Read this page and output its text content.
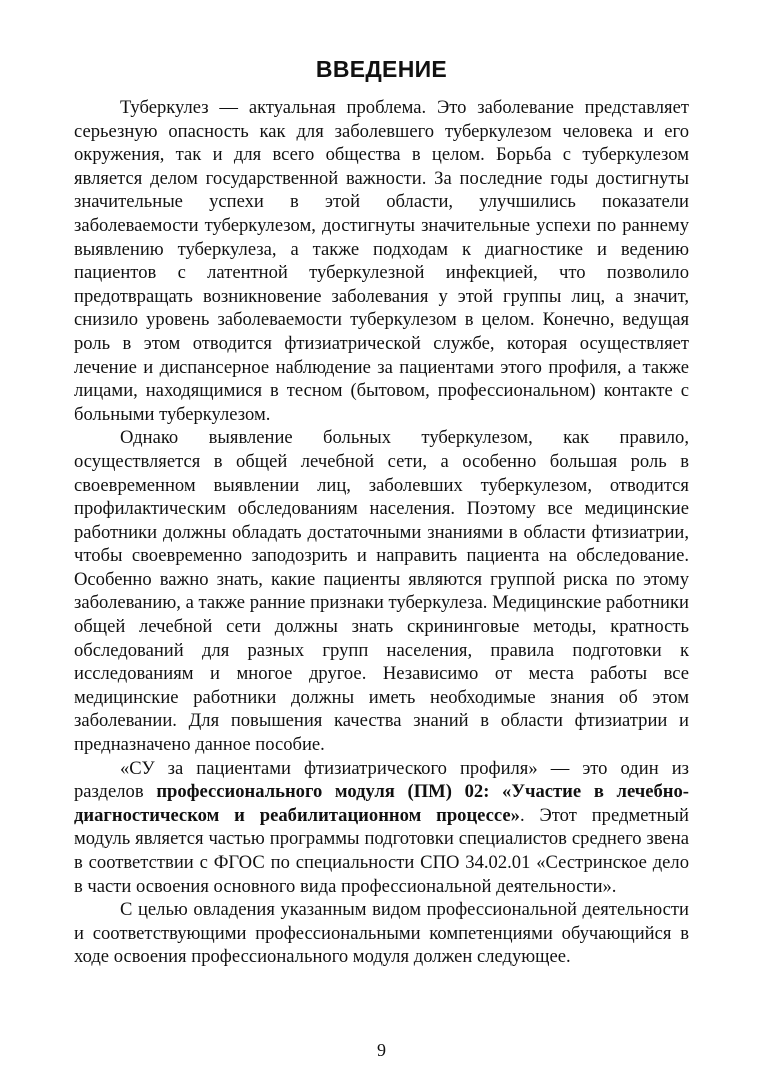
ВВЕДЕНИЕ

Туберкулез — актуальная проблема. Это заболевание представляет серьезную опасность как для заболевшего туберкулезом человека и его окружения, так и для всего общества в целом. Борьба с туберкулезом является делом государственной важности. За последние годы достигнуты значительные успехи в этой области, улучшились показатели заболеваемости туберкулезом, достигнуты значительные успехи по раннему выявлению туберкулеза, а также подходам к диагностике и ведению пациентов с латентной туберкулезной инфекцией, что позволило предотвращать возникновение заболевания у этой группы лиц, а значит, снизило уровень заболеваемости туберкулезом в целом. Конечно, ведущая роль в этом отводится фтизиатрической службе, которая осуществляет лечение и диспансерное наблюдение за пациентами этого профиля, а также лицами, находящимися в тесном (бытовом, профессиональном) контакте с больными туберкулезом.

Однако выявление больных туберкулезом, как правило, осуществляется в общей лечебной сети, а особенно большая роль в своевременном выявлении лиц, заболевших туберкулезом, отводится профилактическим обследованиям населения. Поэтому все медицинские работники должны обладать достаточными знаниями в области фтизиатрии, чтобы своевременно заподозрить и направить пациента на обследование. Особенно важно знать, какие пациенты являются группой риска по этому заболеванию, а также ранние признаки туберкулеза. Медицинские работники общей лечебной сети должны знать скрининговые методы, кратность обследований для разных групп населения, правила подготовки к исследованиям и многое другое. Независимо от места работы все медицинские работники должны иметь необходимые знания об этом заболевании. Для повышения качества знаний в области фтизиатрии и предназначено данное пособие.

«СУ за пациентами фтизиатрического профиля» — это один из разделов профессионального модуля (ПМ) 02: «Участие в лечебно-диагностическом и реабилитационном процессе». Этот предметный модуль является частью программы подготовки специалистов среднего звена в соответствии с ФГОС по специальности СПО 34.02.01 «Сестринское дело в части освоения основного вида профессиональной деятельности».

С целью овладения указанным видом профессиональной деятельности и соответствующими профессиональными компетенциями обучающийся в ходе освоения профессионального модуля должен следующее.

9
